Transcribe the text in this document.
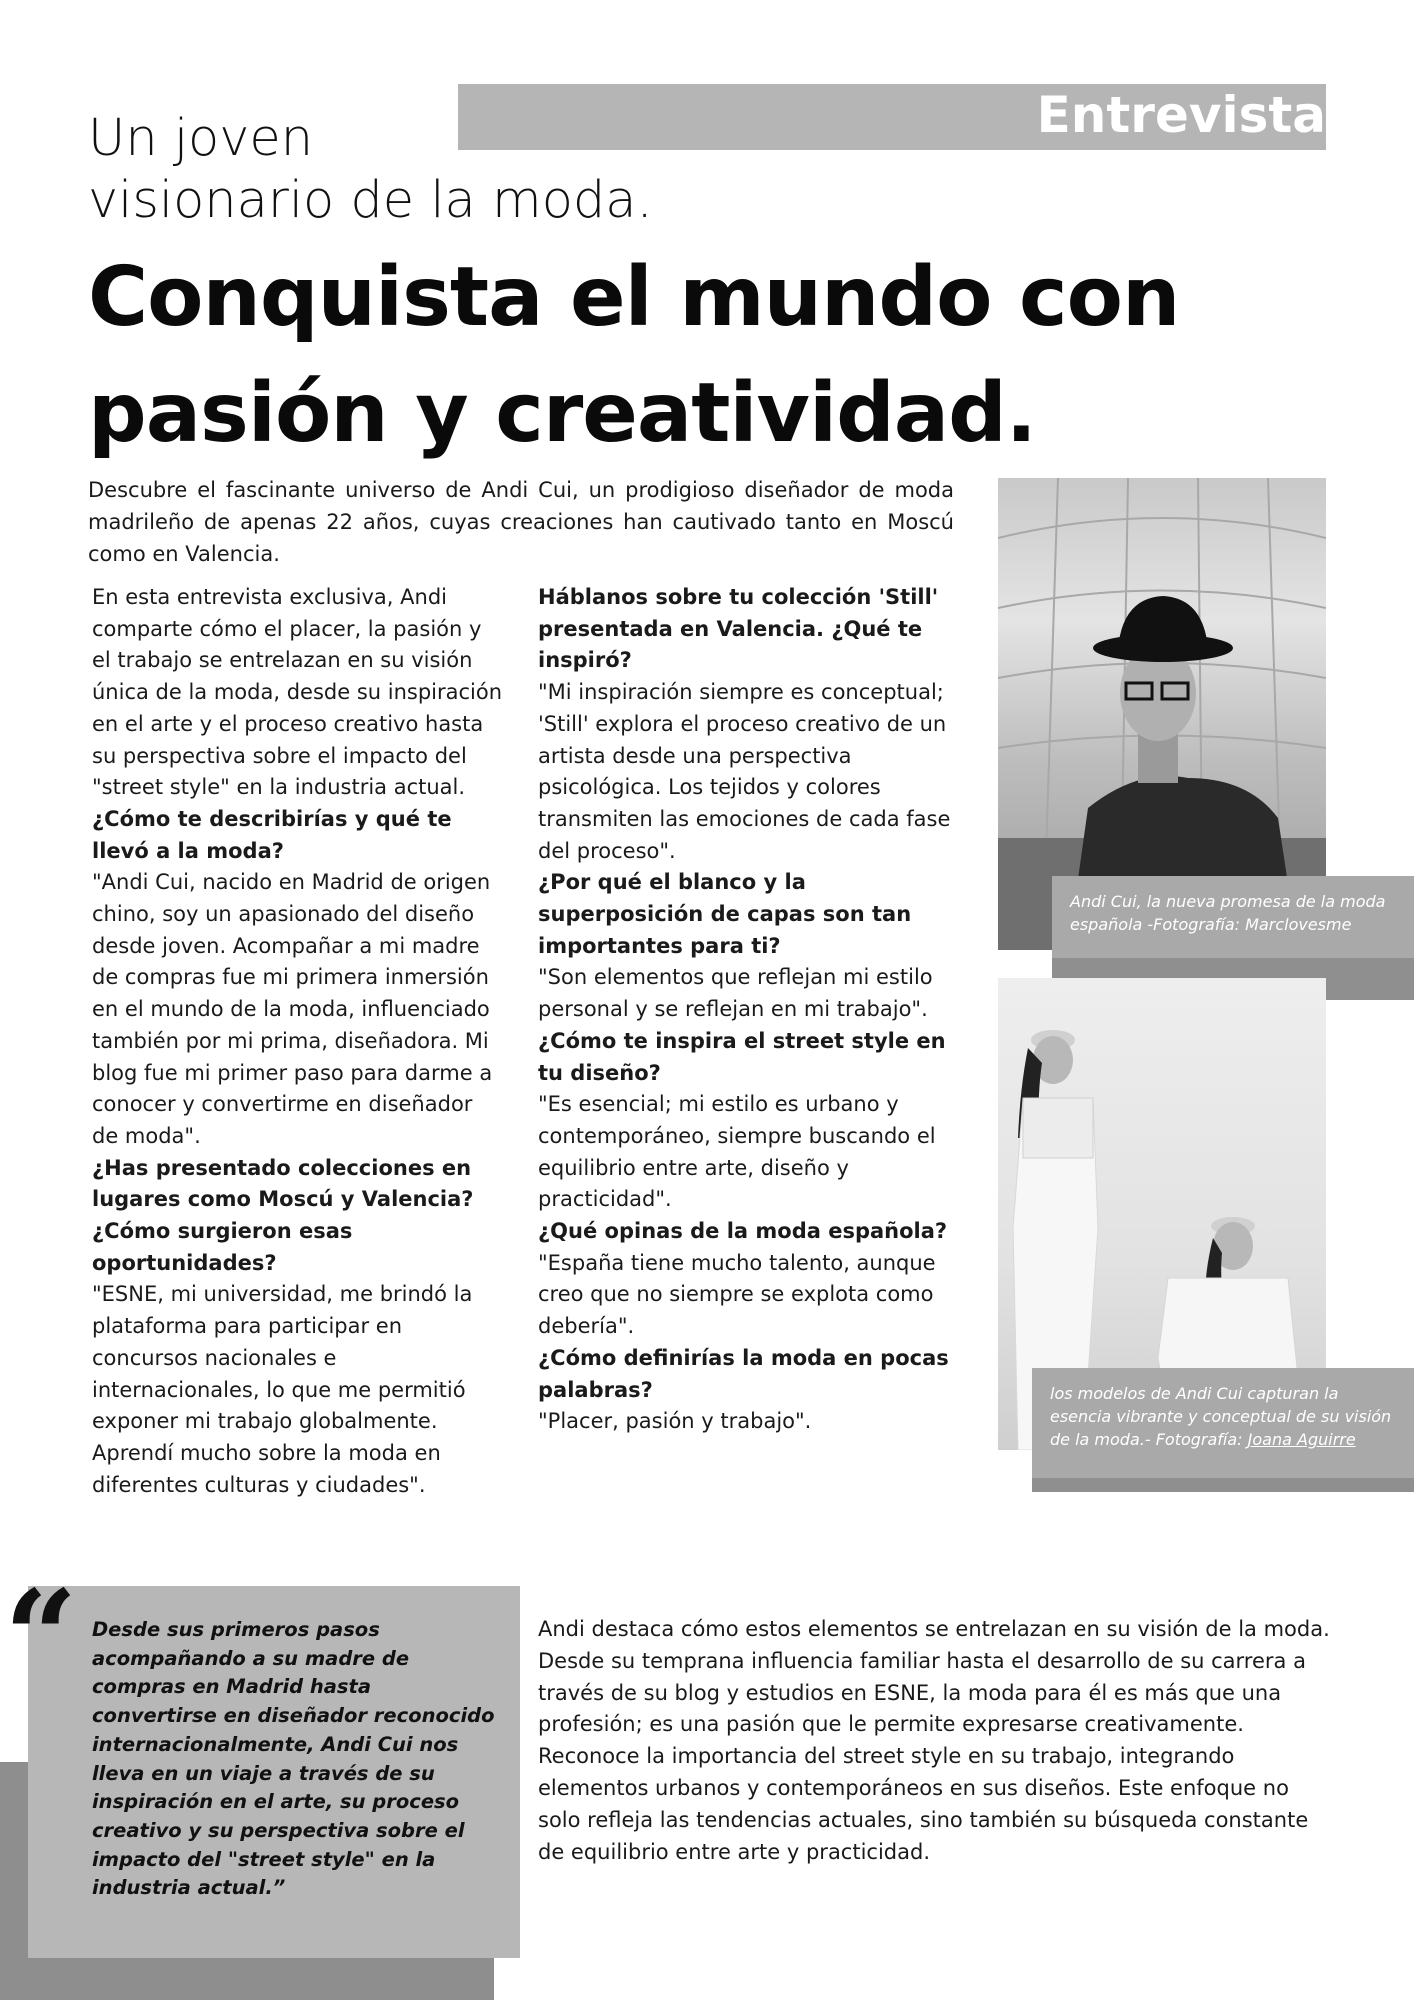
Entrevista
Un joven
visionario de la moda.
Conquista el mundo con
pasión y creatividad.
Descubre el fascinante universo de Andi Cui, un prodigioso diseñador de moda madrileño de apenas 22 años, cuyas creaciones han cautivado tanto en Moscú como en Valencia.

En esta entrevista exclusiva, Andi comparte cómo el placer, la pasión y el trabajo se entrelazan en su visión única de la moda, desde su inspiración en el arte y el proceso creativo hasta su perspectiva sobre el impacto del "street style" en la industria actual.

¿Cómo te describirías y qué te llevó a la moda?

"Andi Cui, nacido en Madrid de origen chino, soy un apasionado del diseño desde joven. Acompañar a mi madre de compras fue mi primera inmersión en el mundo de la moda, influenciado también por mi prima, diseñadora. Mi blog fue mi primer paso para darme a conocer y convertirme en diseñador de moda".

¿Has presentado colecciones en lugares como Moscú y Valencia? ¿Cómo surgieron esas oportunidades?

"ESNE, mi universidad, me brindó la plataforma para participar en concursos nacionales e internacionales, lo que me permitió exponer mi trabajo globalmente. Aprendí mucho sobre la moda en diferentes culturas y ciudades".

Háblanos sobre tu colección 'Still' presentada en Valencia. ¿Qué te inspiró?

"Mi inspiración siempre es conceptual; 'Still' explora el proceso creativo de un artista desde una perspectiva psicológica. Los tejidos y colores transmiten las emociones de cada fase del proceso".

¿Por qué el blanco y la superposición de capas son tan importantes para ti?

"Son elementos que reflejan mi estilo personal y se reflejan en mi trabajo".

¿Cómo te inspira el street style en tu diseño?

"Es esencial; mi estilo es urbano y contemporáneo, siempre buscando el equilibrio entre arte, diseño y practicidad".

¿Qué opinas de la moda española?

"España tiene mucho talento, aunque creo que no siempre se explota como debería".

¿Cómo definirías la moda en pocas palabras?

"Placer, pasión y trabajo".

Andi Cui, la nueva promesa de la moda española -Fotografía: Marclovesme
los modelos de Andi Cui capturan la esencia vibrante y conceptual de su visión de la moda.- Fotografía: Joana Aguirre
“ Desde sus primeros pasos acompañando a su madre de compras en Madrid hasta convertirse en diseñador reconocido internacionalmente, Andi Cui nos lleva en un viaje a través de su inspiración en el arte, su proceso creativo y su perspectiva sobre el impacto del "street style" en la industria actual.”

Andi destaca cómo estos elementos se entrelazan en su visión de la moda. Desde su temprana influencia familiar hasta el desarrollo de su carrera a través de su blog y estudios en ESNE, la moda para él es más que una profesión; es una pasión que le permite expresarse creativamente.

Reconoce la importancia del street style en su trabajo, integrando elementos urbanos y contemporáneos en sus diseños. Este enfoque no solo refleja las tendencias actuales, sino también su búsqueda constante de equilibrio entre arte y practicidad.
